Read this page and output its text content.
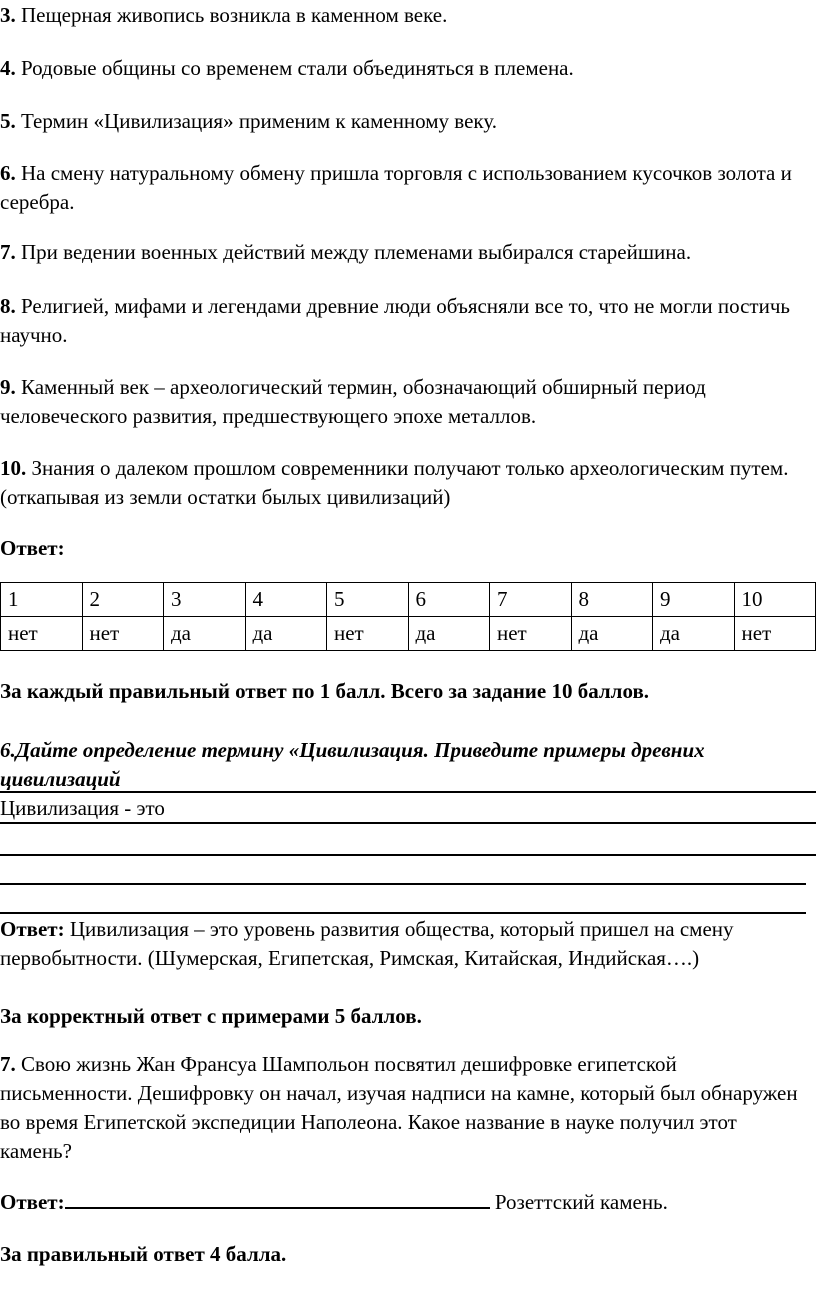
3. Пещерная живопись возникла в каменном веке.

4. Родовые общины со временем стали объединяться в племена.

5. Термин «Цивилизация» применим к каменному веку.

6. На смену натуральному обмену пришла торговля с использованием кусочков золота и серебра.

7. При ведении военных действий между племенами выбирался старейшина.

8. Религией, мифами и легендами древние люди объясняли все то, что не могли постичь научно.

9. Каменный век – археологический термин, обозначающий обширный период человеческого развития, предшествующего эпохе металлов.

10. Знания о далеком прошлом современники получают только археологическим путем. (откапывая из земли остатки былых цивилизаций)

Ответ:

1	2	3	4	5	6	7	8	9	10
нет	нет	да	да	нет	да	нет	да	да	нет

За каждый правильный ответ по 1 балл. Всего за задание 10 баллов.

6.Дайте определение термину «Цивилизация. Приведите примеры древних цивилизаций

Цивилизация - это

Ответ: Цивилизация – это уровень развития общества, который пришел на смену первобытности. (Шумерская, Египетская, Римская, Китайская, Индийская….)

За корректный ответ с примерами 5 баллов.

7. Свою жизнь Жан Франсуа Шампольон посвятил дешифровке египетской письменности. Дешифровку он начал, изучая надписи на камне, который был обнаружен во время Египетской экспедиции Наполеона. Какое название в науке получил этот камень?

Ответ:	Розеттский камень.

За правильный ответ 4 балла.
